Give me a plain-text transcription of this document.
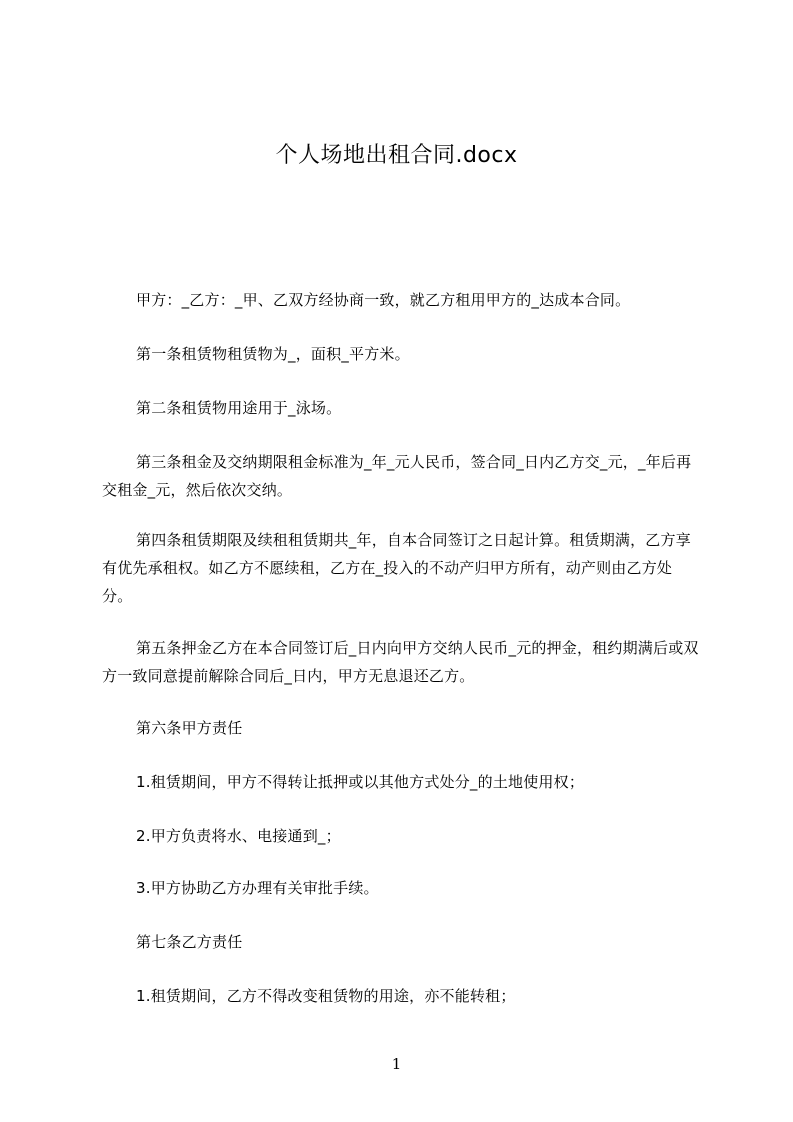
个人场地出租合同.docx

甲方：_乙方：_甲、乙双方经协商一致，就乙方租用甲方的_达成本合同。

第一条租赁物租赁物为_，面积_平方米。

第二条租赁物用途用于_泳场。

第三条租金及交纳期限租金标准为_年_元人民币，签合同_日内乙方交_元，_年后再交租金_元，然后依次交纳。

第四条租赁期限及续租租赁期共_年，自本合同签订之日起计算。租赁期满，乙方享有优先承租权。如乙方不愿续租，乙方在_投入的不动产归甲方所有，动产则由乙方处分。

第五条押金乙方在本合同签订后_日内向甲方交纳人民币_元的押金，租约期满后或双方一致同意提前解除合同后_日内，甲方无息退还乙方。

第六条甲方责任

1.租赁期间，甲方不得转让抵押或以其他方式处分_的土地使用权；

2.甲方负责将水、电接通到_；

3.甲方协助乙方办理有关审批手续。

第七条乙方责任

1.租赁期间，乙方不得改变租赁物的用途，亦不能转租；

1
